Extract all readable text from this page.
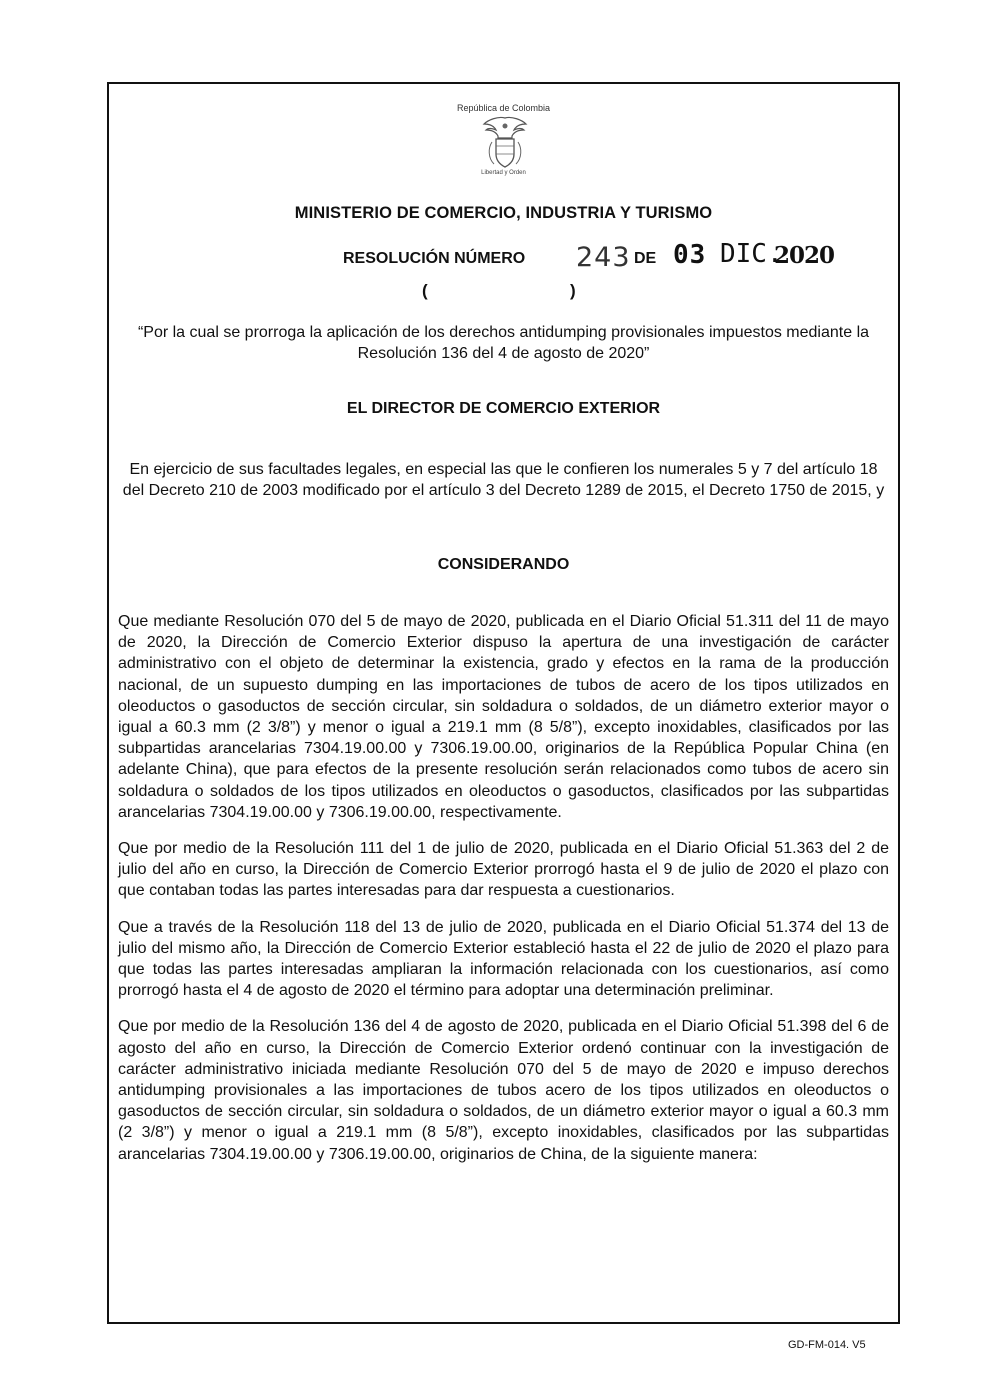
República de Colombia
Libertad y Orden
MINISTERIO DE COMERCIO, INDUSTRIA Y TURISMO
RESOLUCIÓN NÚMERO 243 DE 03 DIC.
2020
(	)
“Por la cual se prorroga la aplicación de los derechos antidumping provisionales impuestos mediante la Resolución 136 del 4 de agosto de 2020”
EL DIRECTOR DE COMERCIO EXTERIOR
En ejercicio de sus facultades legales, en especial las que le confieren los numerales 5 y 7 del artículo 18 del Decreto 210 de 2003 modificado por el artículo 3 del Decreto 1289 de 2015, el Decreto 1750 de 2015, y
CONSIDERANDO

Que mediante Resolución 070 del 5 de mayo de 2020, publicada en el Diario Oficial 51.311 del 11 de mayo de 2020, la Dirección de Comercio Exterior dispuso la apertura de una investigación de carácter administrativo con el objeto de determinar la existencia, grado y efectos en la rama de la producción nacional, de un supuesto dumping en las importaciones de tubos de acero de los tipos utilizados en oleoductos o gasoductos de sección circular, sin soldadura o soldados, de un diámetro exterior mayor o igual a 60.3 mm (2 3/8”) y menor o igual a 219.1 mm (8 5/8”), excepto inoxidables, clasificados por las subpartidas arancelarias 7304.19.00.00 y 7306.19.00.00, originarios de la República Popular China (en adelante China), que para efectos de la presente resolución serán relacionados como tubos de acero sin soldadura o soldados de los tipos utilizados en oleoductos o gasoductos, clasificados por las subpartidas arancelarias 7304.19.00.00 y 7306.19.00.00, respectivamente.

Que por medio de la Resolución 111 del 1 de julio de 2020, publicada en el Diario Oficial 51.363 del 2 de julio del año en curso, la Dirección de Comercio Exterior prorrogó hasta el 9 de julio de 2020 el plazo con que contaban todas las partes interesadas para dar respuesta a cuestionarios.

Que a través de la Resolución 118 del 13 de julio de 2020, publicada en el Diario Oficial 51.374 del 13 de julio del mismo año, la Dirección de Comercio Exterior estableció hasta el 22 de julio de 2020 el plazo para que todas las partes interesadas ampliaran la información relacionada con los cuestionarios, así como prorrogó hasta el 4 de agosto de 2020 el término para adoptar una determinación preliminar.

Que por medio de la Resolución 136 del 4 de agosto de 2020, publicada en el Diario Oficial 51.398 del 6 de agosto del año en curso, la Dirección de Comercio Exterior ordenó continuar con la investigación de carácter administrativo iniciada mediante Resolución 070 del 5 de mayo de 2020 e impuso derechos antidumping provisionales a las importaciones de tubos acero de los tipos utilizados en oleoductos o gasoductos de sección circular, sin soldadura o soldados, de un diámetro exterior mayor o igual a 60.3 mm (2 3/8”) y menor o igual a 219.1 mm (8 5/8”), excepto inoxidables, clasificados por las subpartidas arancelarias 7304.19.00.00 y 7306.19.00.00, originarios de China, de la siguiente manera:

GD-FM-014. V5
